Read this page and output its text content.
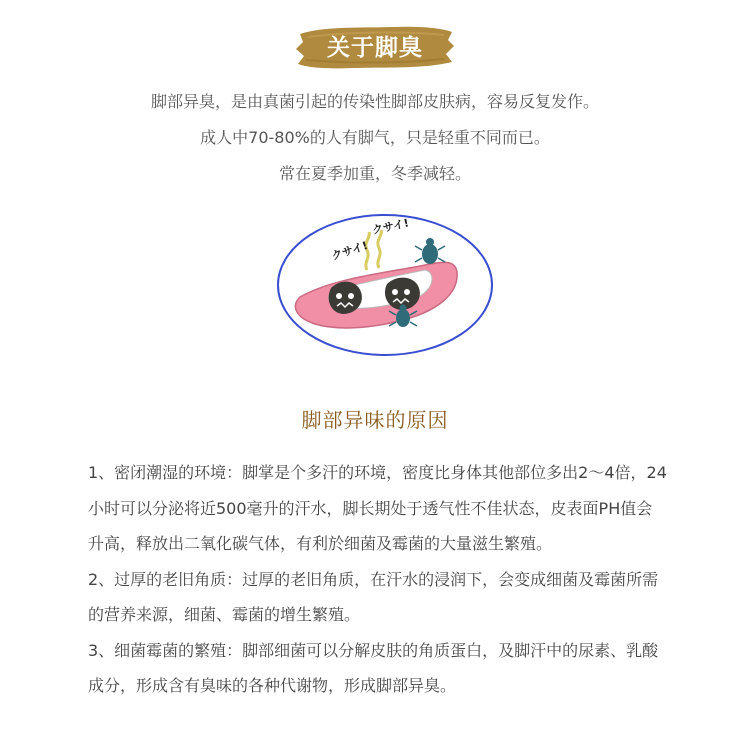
关于脚臭

脚部异臭，是由真菌引起的传染性脚部皮肤病，容易反复发作。

成人中70-80%的人有脚气，只是轻重不同而已。

常在夏季加重，冬季减轻。

クサイ!
クサイ!
脚部异味的原因

1、密闭潮湿的环境：脚掌是个多汗的环境，密度比身体其他部位多出2～4倍，24小时可以分泌将近500毫升的汗水，脚长期处于透气性不佳状态，皮表面PH值会升高，释放出二氧化碳气体，有利於细菌及霉菌的大量滋生繁殖。

2、过厚的老旧角质：过厚的老旧角质，在汗水的浸润下，会变成细菌及霉菌所需的营养来源，细菌、霉菌的增生繁殖。

3、细菌霉菌的繁殖：脚部细菌可以分解皮肤的角质蛋白，及脚汗中的尿素、乳酸成分，形成含有臭味的各种代谢物，形成脚部异臭。
